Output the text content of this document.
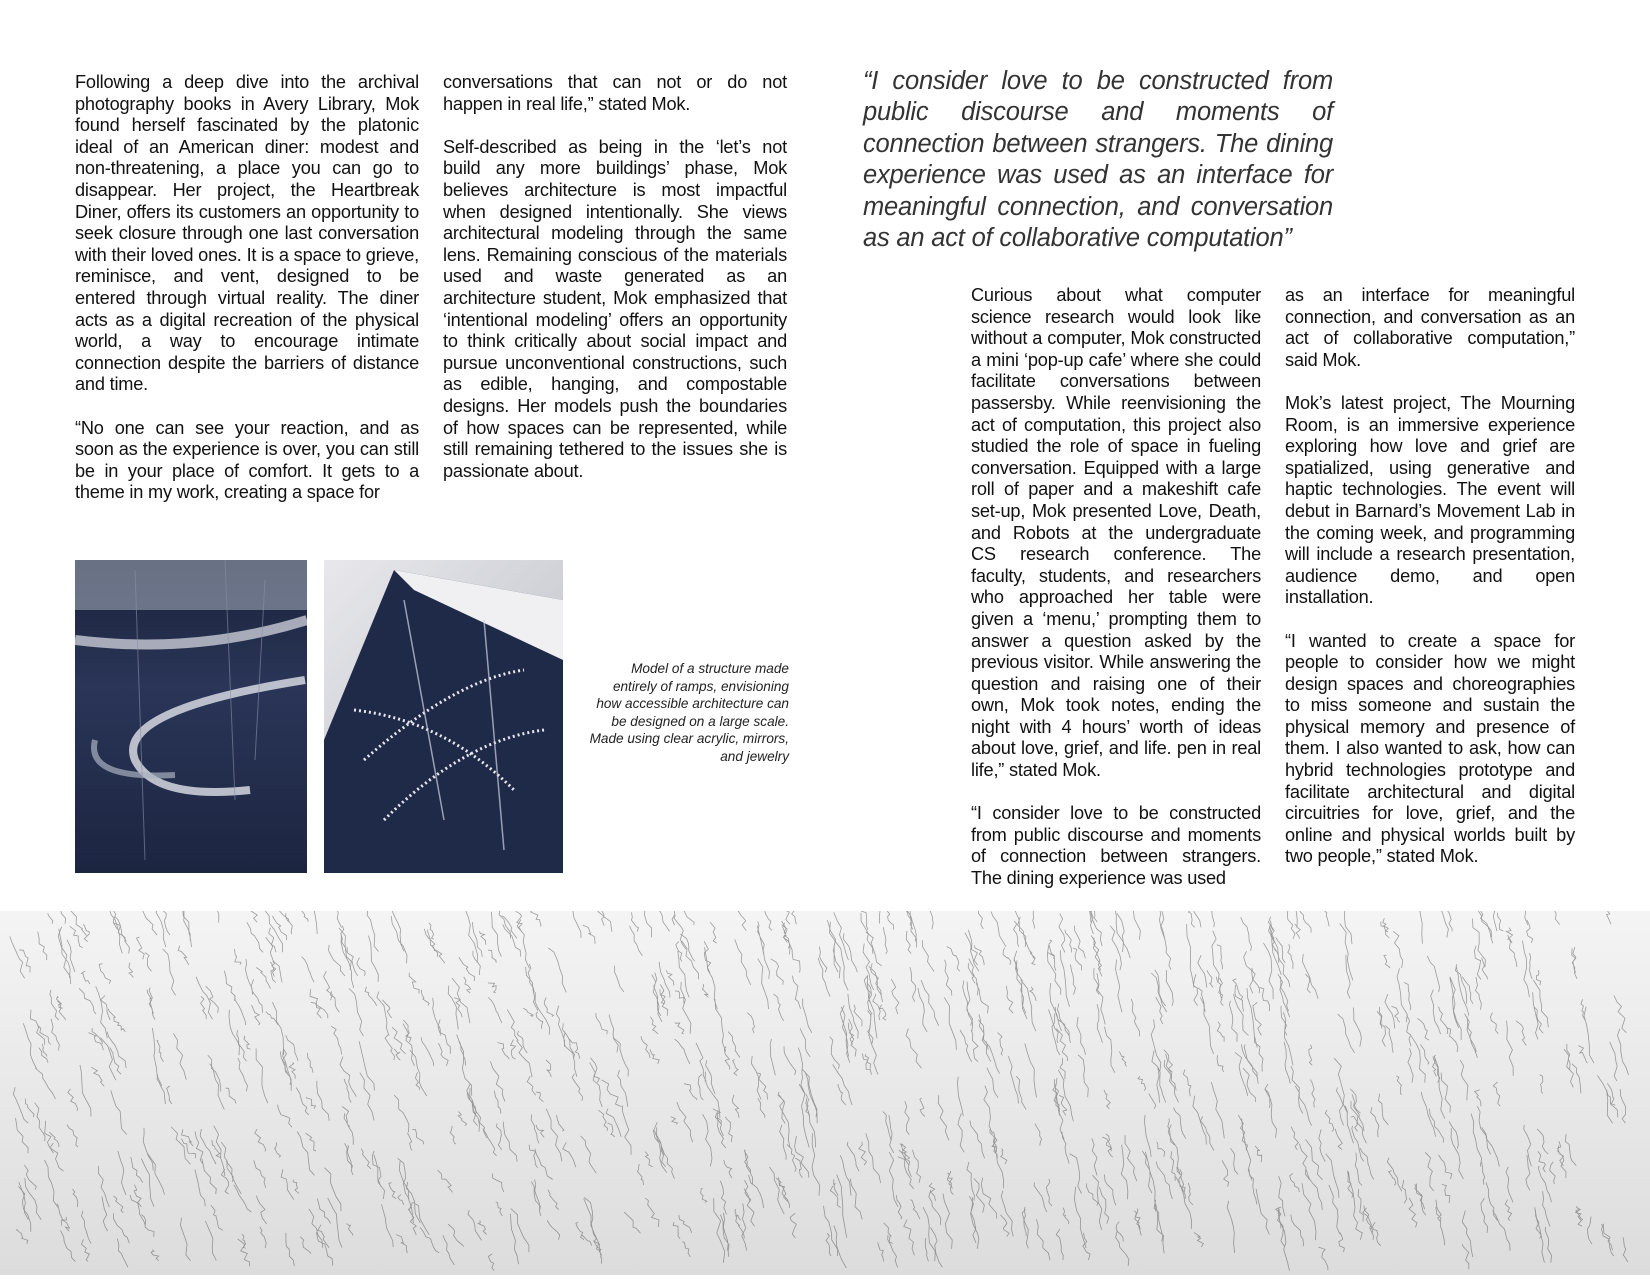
Following a deep dive into the archival photography books in Avery Library, Mok found herself fascinated by the platonic ideal of an American diner: modest and non-threatening, a place you can go to disappear. Her project, the Heartbreak Diner, offers its customers an opportunity to seek closure through one last conversation with their loved ones. It is a space to grieve, reminisce, and vent, designed to be entered through virtual reality. The diner acts as a digital recreation of the physical world, a way to encourage intimate connection despite the barriers of distance and time.

“No one can see your reaction, and as soon as the experience is over, you can still be in your place of comfort. It gets to a theme in my work, creating a space for

conversations that can not or do not happen in real life,” stated Mok.

Self-described as being in the ‘let’s not build any more buildings’ phase, Mok believes architecture is most impactful when designed intentionally. She views architectural modeling through the same lens. Remaining conscious of the materials used and waste generated as an architecture student, Mok emphasized that ‘intentional modeling’ offers an opportunity to think critically about social impact and pursue unconventional constructions, such as edible, hanging, and compostable designs. Her models push the boundaries of how spaces can be represented, while still remaining tethered to the issues she is passionate about.

“I consider love to be constructed from public discourse and moments of connection between strangers. The dining experience was used as an interface for meaningful connection, and conversation as an act of collaborative computation”
Model of a structure made entirely of ramps, envisioning how accessible architecture can be designed on a large scale. Made using clear acrylic, mirrors, and jewelry

Curious about what computer science research would look like without a computer, Mok constructed a mini ‘pop-up cafe’ where she could facilitate conversations between passersby. While reenvisioning the act of computation, this project also studied the role of space in fueling conversation. Equipped with a large roll of paper and a makeshift cafe set-up, Mok presented Love, Death, and Robots at the undergraduate CS research conference. The faculty, students, and researchers who approached her table were given a ‘menu,’ prompting them to answer a question asked by the previous visitor. While answering the question and raising one of their own, Mok took notes, ending the night with 4 hours’ worth of ideas about love, grief, and life. pen in real life,” stated Mok.

“I consider love to be constructed from public discourse and moments of connection between strangers. The dining experience was used

as an interface for meaningful connection, and conversation as an act of collaborative computation,” said Mok.

Mok’s latest project, The Mourning Room, is an immersive experience exploring how love and grief are spatialized, using generative and haptic technologies. The event will debut in Barnard’s Movement Lab in the coming week, and programming will include a research presentation, audience demo, and open installation.

“I wanted to create a space for people to consider how we might design spaces and choreographies to miss someone and sustain the physical memory and presence of them. I also wanted to ask, how can hybrid technologies prototype and facilitate architectural and digital circuitries for love, grief, and the online and physical worlds built by two people,” stated Mok.
